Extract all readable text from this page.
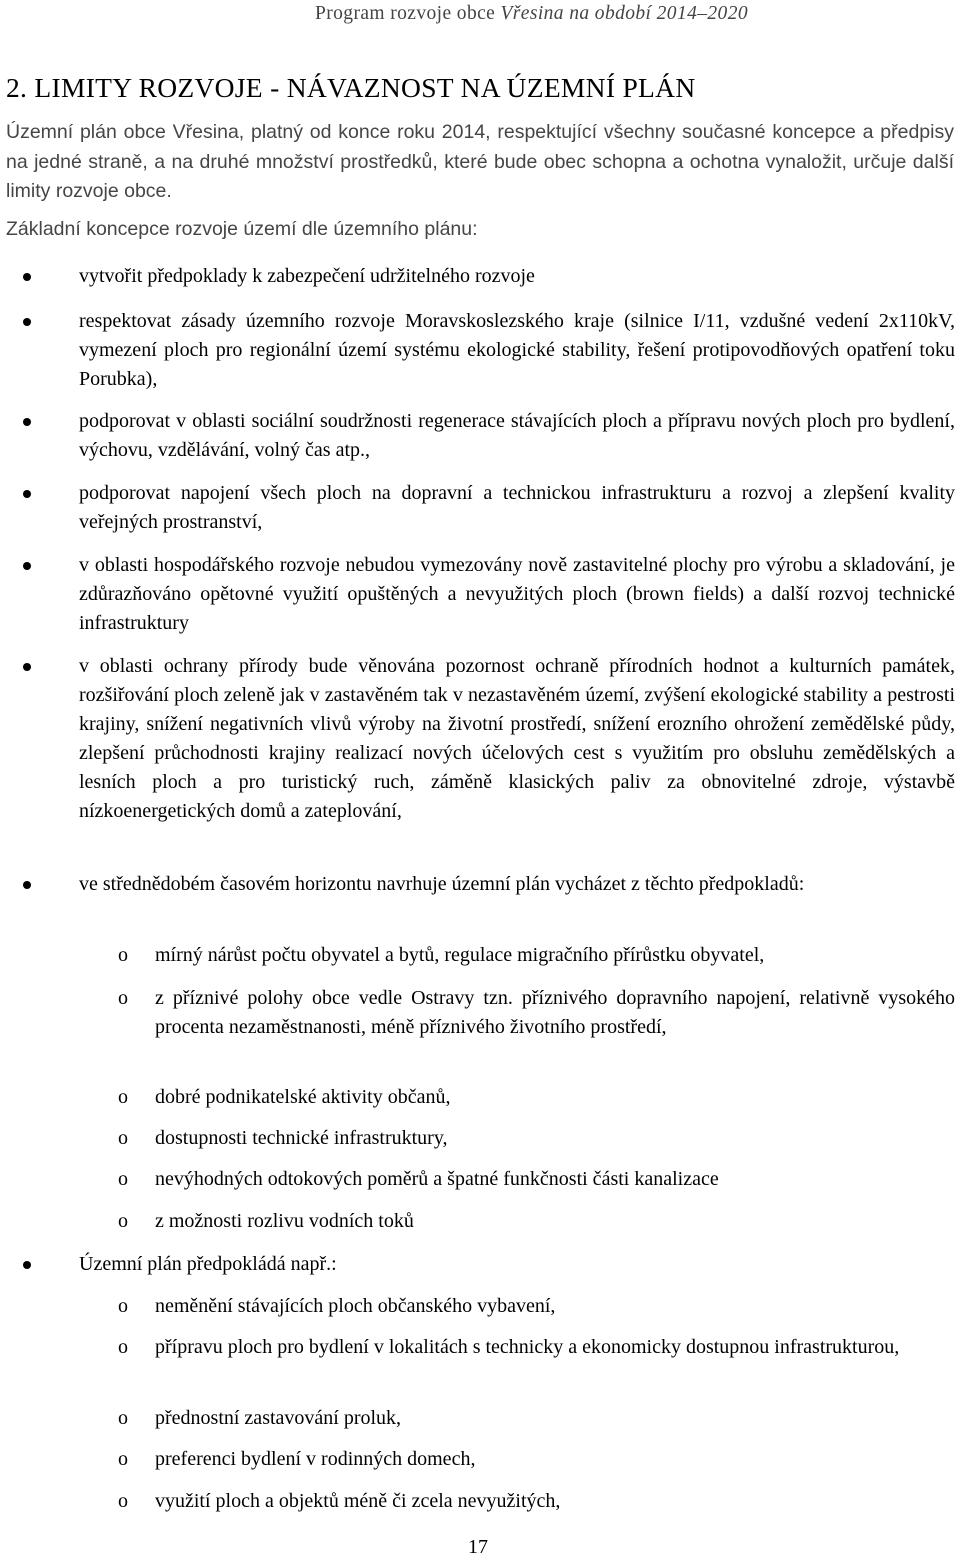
Program rozvoje obce Vřesina na období 2014–2020
2. LIMITY ROZVOJE - NÁVAZNOST NA ÚZEMNÍ PLÁN
Územní plán obce Vřesina, platný od konce roku 2014, respektující všechny současné koncepce a předpisy na jedné straně, a na druhé množství prostředků, které bude obec schopna a ochotna vynaložit, určuje další limity rozvoje obce.
Základní koncepce rozvoje území dle územního plánu:
vytvořit předpoklady k zabezpečení udržitelného rozvoje
respektovat zásady územního rozvoje Moravskoslezského kraje (silnice I/11, vzdušné vedení 2x110kV, vymezení ploch pro regionální území systému ekologické stability, řešení protipovodňových opatření toku Porubka),
podporovat v oblasti sociální soudržnosti regenerace stávajících ploch a přípravu nových ploch pro bydlení, výchovu, vzdělávání, volný čas atp.,
podporovat napojení všech ploch na dopravní a technickou infrastrukturu a rozvoj a zlepšení kvality veřejných prostranství,
v oblasti hospodářského rozvoje nebudou vymezovány nově zastavitelné plochy pro výrobu a skladování, je zdůrazňováno opětovné využití opuštěných a nevyužitých ploch (brown fields) a další rozvoj technické infrastruktury
v oblasti ochrany přírody bude věnována pozornost ochraně přírodních hodnot a kulturních památek, rozšiřování ploch zeleně jak v zastavěném tak v nezastavěném území, zvýšení ekologické stability a pestrosti krajiny, snížení negativních vlivů výroby na životní prostředí, snížení erozního ohrožení zemědělské půdy, zlepšení průchodnosti krajiny realizací nových účelových cest s využitím pro obsluhu zemědělských a lesních ploch a pro turistický ruch, záměně klasických paliv za obnovitelné zdroje, výstavbě nízkoenergetických domů a zateplování,
ve střednědobém časovém horizontu navrhuje územní plán vycházet z těchto předpokladů:
o mírný nárůst počtu obyvatel a bytů, regulace migračního přírůstku obyvatel,
o z příznivé polohy obce vedle Ostravy tzn. příznivého dopravního napojení, relativně vysokého procenta nezaměstnanosti, méně příznivého životního prostředí,
o dobré podnikatelské aktivity občanů,
o dostupnosti technické infrastruktury,
o nevýhodných odtokových poměrů a špatné funkčnosti části kanalizace
o z možnosti rozlivu vodních toků
Územní plán předpokládá např.:
o neměnění stávajících ploch občanského vybavení,
o přípravu ploch pro bydlení v lokalitách s technicky a ekonomicky dostupnou infrastrukturou,
o přednostní zastavování proluk,
o preferenci bydlení v rodinných domech,
o využití ploch a objektů méně či zcela nevyužitých,
17
